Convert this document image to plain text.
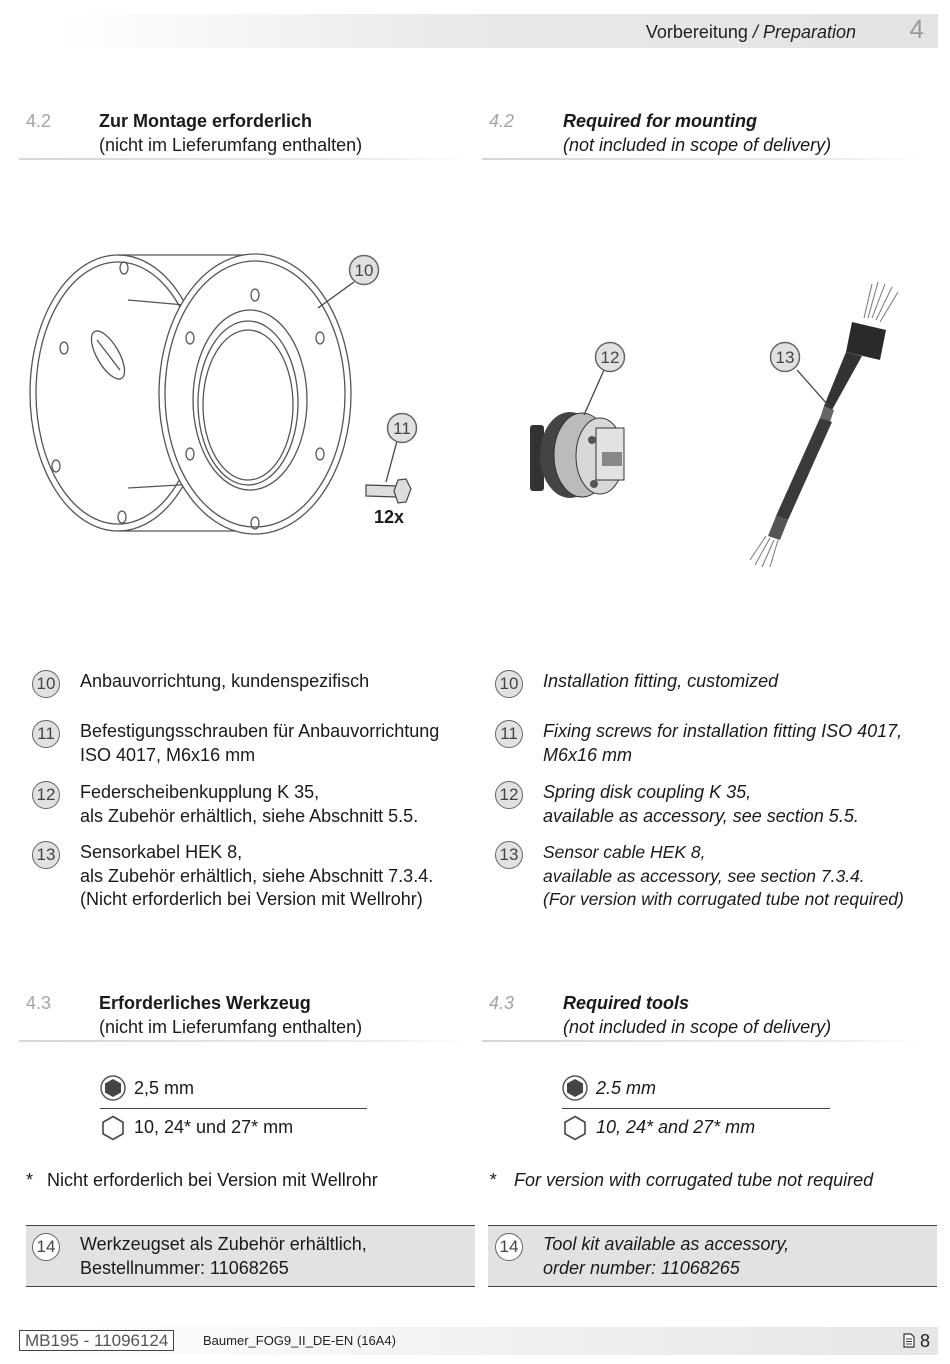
Vorbereitung / Preparation 4
4.2	Zur Montage erforderlich
(nicht im Lieferumfang enthalten)
4.2	Required for mounting
(not included in scope of delivery)
10
11
12	13
12x
10 Anbauvorrichtung, kundenspezifisch
11 Befestigungsschrauben für Anbauvorrichtung
ISO 4017, M6x16 mm
12 Federscheibenkupplung K 35,
als Zubehör erhältlich, siehe Abschnitt 5.5.
13 Sensorkabel HEK 8,
als Zubehör erhältlich, siehe Abschnitt 7.3.4.
(Nicht erforderlich bei Version mit Wellrohr)
10 Installation fitting, customized
11 Fixing screws for installation fitting ISO 4017,
M6x16 mm
12 Spring disk coupling K 35,
available as accessory, see section 5.5.
13 Sensor cable HEK 8,
available as accessory, see section 7.3.4.
(For version with corrugated tube not required)
4.3	Erforderliches Werkzeug
(nicht im Lieferumfang enthalten)
4.3	Required tools
(not included in scope of delivery)
2,5 mm
10, 24* und 27* mm
2.5 mm
10, 24* and 27* mm
* Nicht erforderlich bei Version mit Wellrohr	* For version with corrugated tube not required
14 Werkzeugset als Zubehör erhältlich,
Bestellnummer: 11068265
14 Tool kit available as accessory,
order number: 11068265
MB195 - 11096124	Baumer_FOG9_II_DE-EN (16A4)	8
